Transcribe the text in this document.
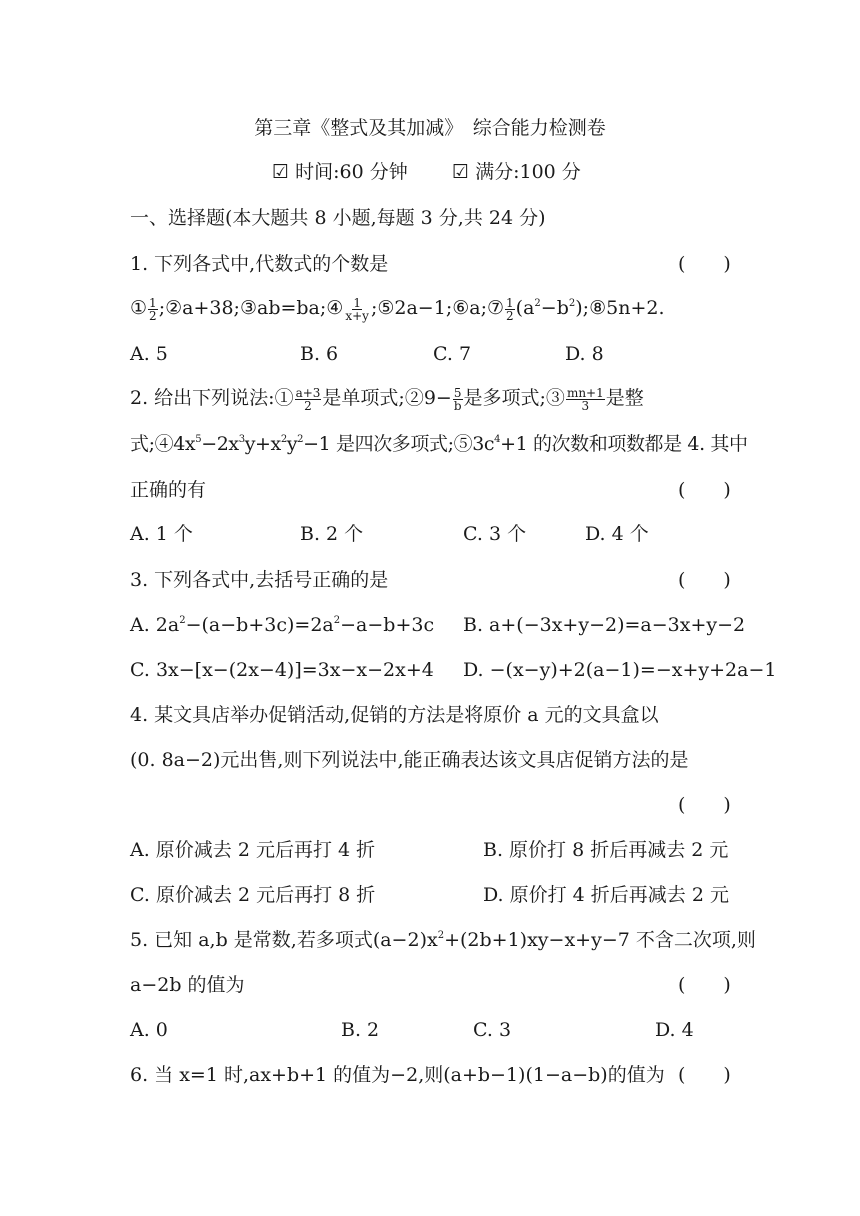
第三章《整式及其加减》　综合能力检测卷
☑ 时间:60 分钟 ☑ 满分:100 分
一、选择题(本大题共 8 小题,每题 3 分,共 24 分)
1. 下列各式中,代数式的个数是	(　　)
① $\frac{1}{2}$ ;②a+38;③ab=ba;④ $\frac{1}{x+y}$ ;⑤2a−1;⑥a;⑦ $\frac{1}{2}$ $(a^2-b^2);⑧5n+2$.
A. 5	B. 6	C. 7	D. 8
2. 给出下列说法:① $\frac{a+3}{2}$ 是单项式;②9− $\frac{5}{b}$ 是多项式;③ $\frac{mn+1}{3}$ 是整
式$;④4x^5-2x^3y+x^2y^2-1$ 是四次多项式$;⑤3c^4+1$ 的次数和项数都是 4. 其中
正确的有	(　　)
A. 1 个	B. 2 个	C. 3 个	D. 4 个
3. 下列各式中,去括号正确的是	(　　)
A. $2a^2-(a-b+3c)=2a^2-a-b+3c$ B. a+(−3x+y−2)=a−3x+y−2
C. 3x−[x−(2x−4)]=3x−x−2x+4 D. −(x−y)+2(a−1)=−x+y+2a−1
4. 某文具店举办促销活动,促销的方法是将原价 a 元的文具盒以
(0. 8a−2)元出售,则下列说法中,能正确表达该文具店促销方法的是
(　　)
A. 原价减去 2 元后再打 4 折	B. 原价打 8 折后再减去 2 元
C. 原价减去 2 元后再打 8 折	D. 原价打 4 折后再减去 2 元
5. 已知 a,b 是常数,若多项式$(a-2)x^2+(2b+1)xy-x+y-7$ 不含二次项,则
a−2b 的值为	(　　)
A. 0	B. 2	C. 3	D. 4
6. 当 x=1 时,ax+b+1 的值为−2,则(a+b−1)(1−a−b)的值为 (　　)
